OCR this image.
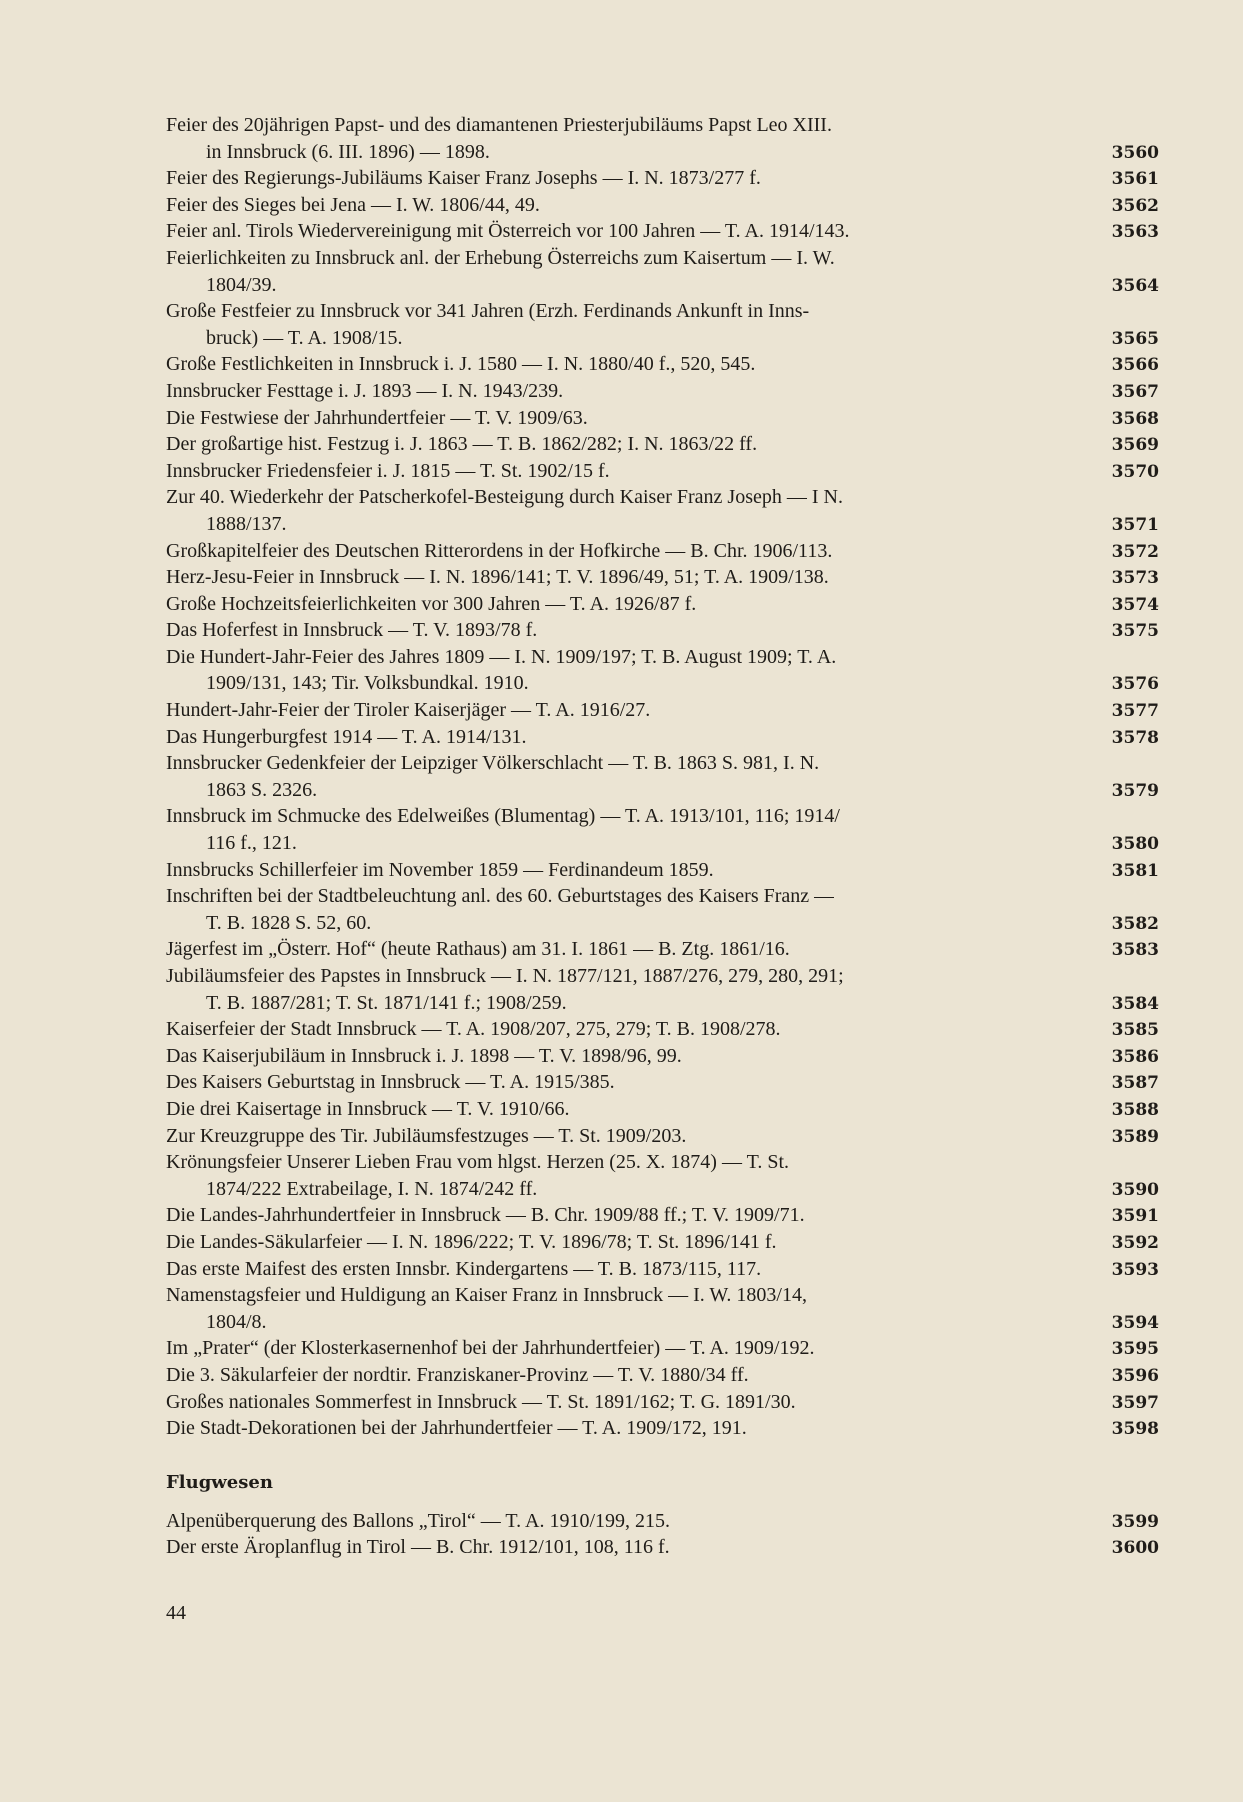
Feier des 20jährigen Papst- und des diamantenen Priesterjubiläums Papst Leo XIII.
in Innsbruck (6. III. 1896) — 1898.	3560
Feier des Regierungs-Jubiläums Kaiser Franz Josephs — I. N. 1873/277 f.	3561
Feier des Sieges bei Jena — I. W. 1806/44, 49.	3562
Feier anl. Tirols Wiedervereinigung mit Österreich vor 100 Jahren — T. A. 1914/143.	3563
Feierlichkeiten zu Innsbruck anl. der Erhebung Österreichs zum Kaisertum — I. W.
1804/39.	3564
Große Festfeier zu Innsbruck vor 341 Jahren (Erzh. Ferdinands Ankunft in Inns-
bruck) — T. A. 1908/15.	3565
Große Festlichkeiten in Innsbruck i. J. 1580 — I. N. 1880/40 f., 520, 545.	3566
Innsbrucker Festtage i. J. 1893 — I. N. 1943/239.	3567
Die Festwiese der Jahrhundertfeier — T. V. 1909/63.	3568
Der großartige hist. Festzug i. J. 1863 — T. B. 1862/282; I. N. 1863/22 ff.	3569
Innsbrucker Friedensfeier i. J. 1815 — T. St. 1902/15 f.	3570
Zur 40. Wiederkehr der Patscherkofel-Besteigung durch Kaiser Franz Joseph — I N.
1888/137.	3571
Großkapitelfeier des Deutschen Ritterordens in der Hofkirche — B. Chr. 1906/113.	3572
Herz-Jesu-Feier in Innsbruck — I. N. 1896/141; T. V. 1896/49, 51; T. A. 1909/138.	3573
Große Hochzeitsfeierlichkeiten vor 300 Jahren — T. A. 1926/87 f.	3574
Das Hoferfest in Innsbruck — T. V. 1893/78 f.	3575
Die Hundert-Jahr-Feier des Jahres 1809 — I. N. 1909/197; T. B. August 1909; T. A.
1909/131, 143; Tir. Volksbundkal. 1910.	3576
Hundert-Jahr-Feier der Tiroler Kaiserjäger — T. A. 1916/27.	3577
Das Hungerburgfest 1914 — T. A. 1914/131.	3578
Innsbrucker Gedenkfeier der Leipziger Völkerschlacht — T. B. 1863 S. 981, I. N.
1863 S. 2326.	3579
Innsbruck im Schmucke des Edelweißes (Blumentag) — T. A. 1913/101, 116; 1914/
116 f., 121.	3580
Innsbrucks Schillerfeier im November 1859 — Ferdinandeum 1859.	3581
Inschriften bei der Stadtbeleuchtung anl. des 60. Geburtstages des Kaisers Franz —
T. B. 1828 S. 52, 60.	3582
Jägerfest im „Österr. Hof“ (heute Rathaus) am 31. I. 1861 — B. Ztg. 1861/16.	3583
Jubiläumsfeier des Papstes in Innsbruck — I. N. 1877/121, 1887/276, 279, 280, 291;
T. B. 1887/281; T. St. 1871/141 f.; 1908/259.	3584
Kaiserfeier der Stadt Innsbruck — T. A. 1908/207, 275, 279; T. B. 1908/278.	3585
Das Kaiserjubiläum in Innsbruck i. J. 1898 — T. V. 1898/96, 99.	3586
Des Kaisers Geburtstag in Innsbruck — T. A. 1915/385.	3587
Die drei Kaisertage in Innsbruck — T. V. 1910/66.	3588
Zur Kreuzgruppe des Tir. Jubiläumsfestzuges — T. St. 1909/203.	3589
Krönungsfeier Unserer Lieben Frau vom hlgst. Herzen (25. X. 1874) — T. St.
1874/222 Extrabeilage, I. N. 1874/242 ff.	3590
Die Landes-Jahrhundertfeier in Innsbruck — B. Chr. 1909/88 ff.; T. V. 1909/71.	3591
Die Landes-Säkularfeier — I. N. 1896/222; T. V. 1896/78; T. St. 1896/141 f.	3592
Das erste Maifest des ersten Innsbr. Kindergartens — T. B. 1873/115, 117.	3593
Namenstagsfeier und Huldigung an Kaiser Franz in Innsbruck — I. W. 1803/14,
1804/8.	3594
Im „Prater“ (der Klosterkasernenhof bei der Jahrhundertfeier) — T. A. 1909/192.	3595
Die 3. Säkularfeier der nordtir. Franziskaner-Provinz — T. V. 1880/34 ff.	3596
Großes nationales Sommerfest in Innsbruck — T. St. 1891/162; T. G. 1891/30.	3597
Die Stadt-Dekorationen bei der Jahrhundertfeier — T. A. 1909/172, 191.	3598
Flugwesen
Alpenüberquerung des Ballons „Tirol“ — T. A. 1910/199, 215.	3599
Der erste Äroplanflug in Tirol — B. Chr. 1912/101, 108, 116 f.	3600
44
